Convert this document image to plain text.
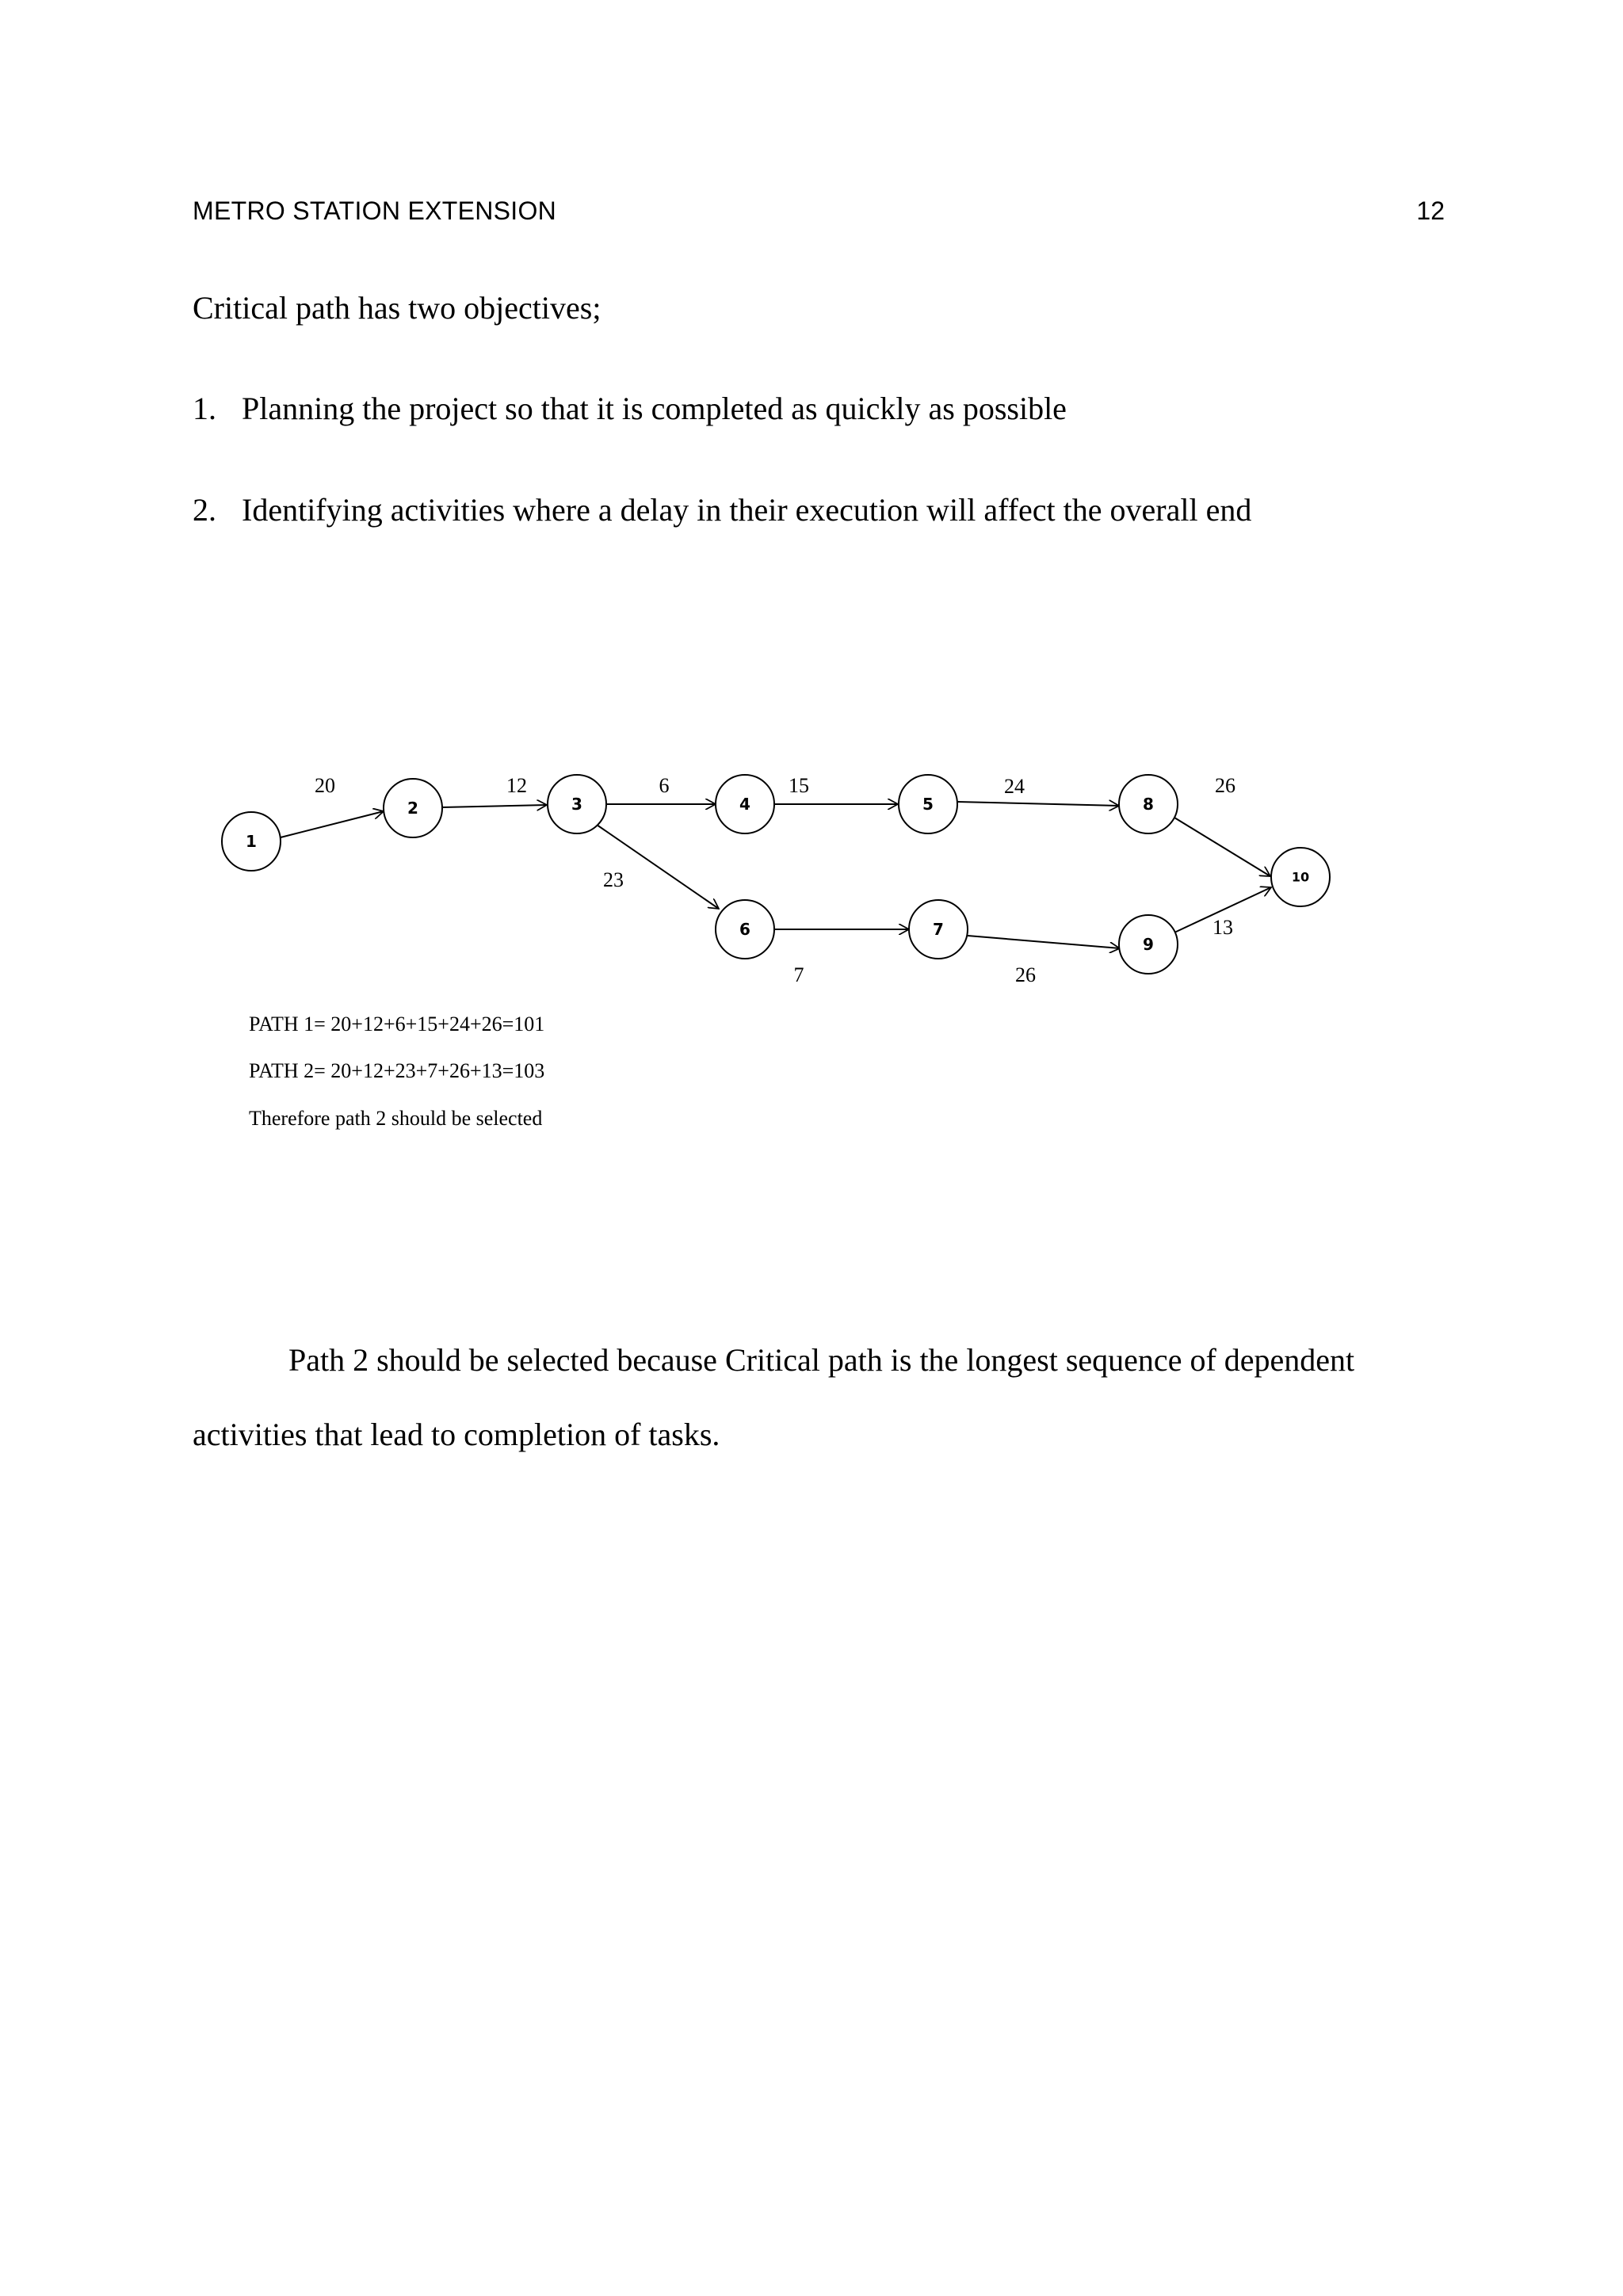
METRO STATION EXTENSION	12
Critical path has two objectives;
1. Planning the project so that it is completed as quickly as possible
2. Identifying activities where a delay in their execution will affect the overall end
20	12	6	15	24	26
23
7	26
13
1
2	3	4	5
6	7
8
9
10
PATH 1= 20+12+6+15+24+26=101
PATH 2= 20+12+23+7+26+13=103
Therefore path 2 should be selected
Path 2 should be selected because Critical path is the longest sequence of dependent
activities that lead to completion of tasks.
